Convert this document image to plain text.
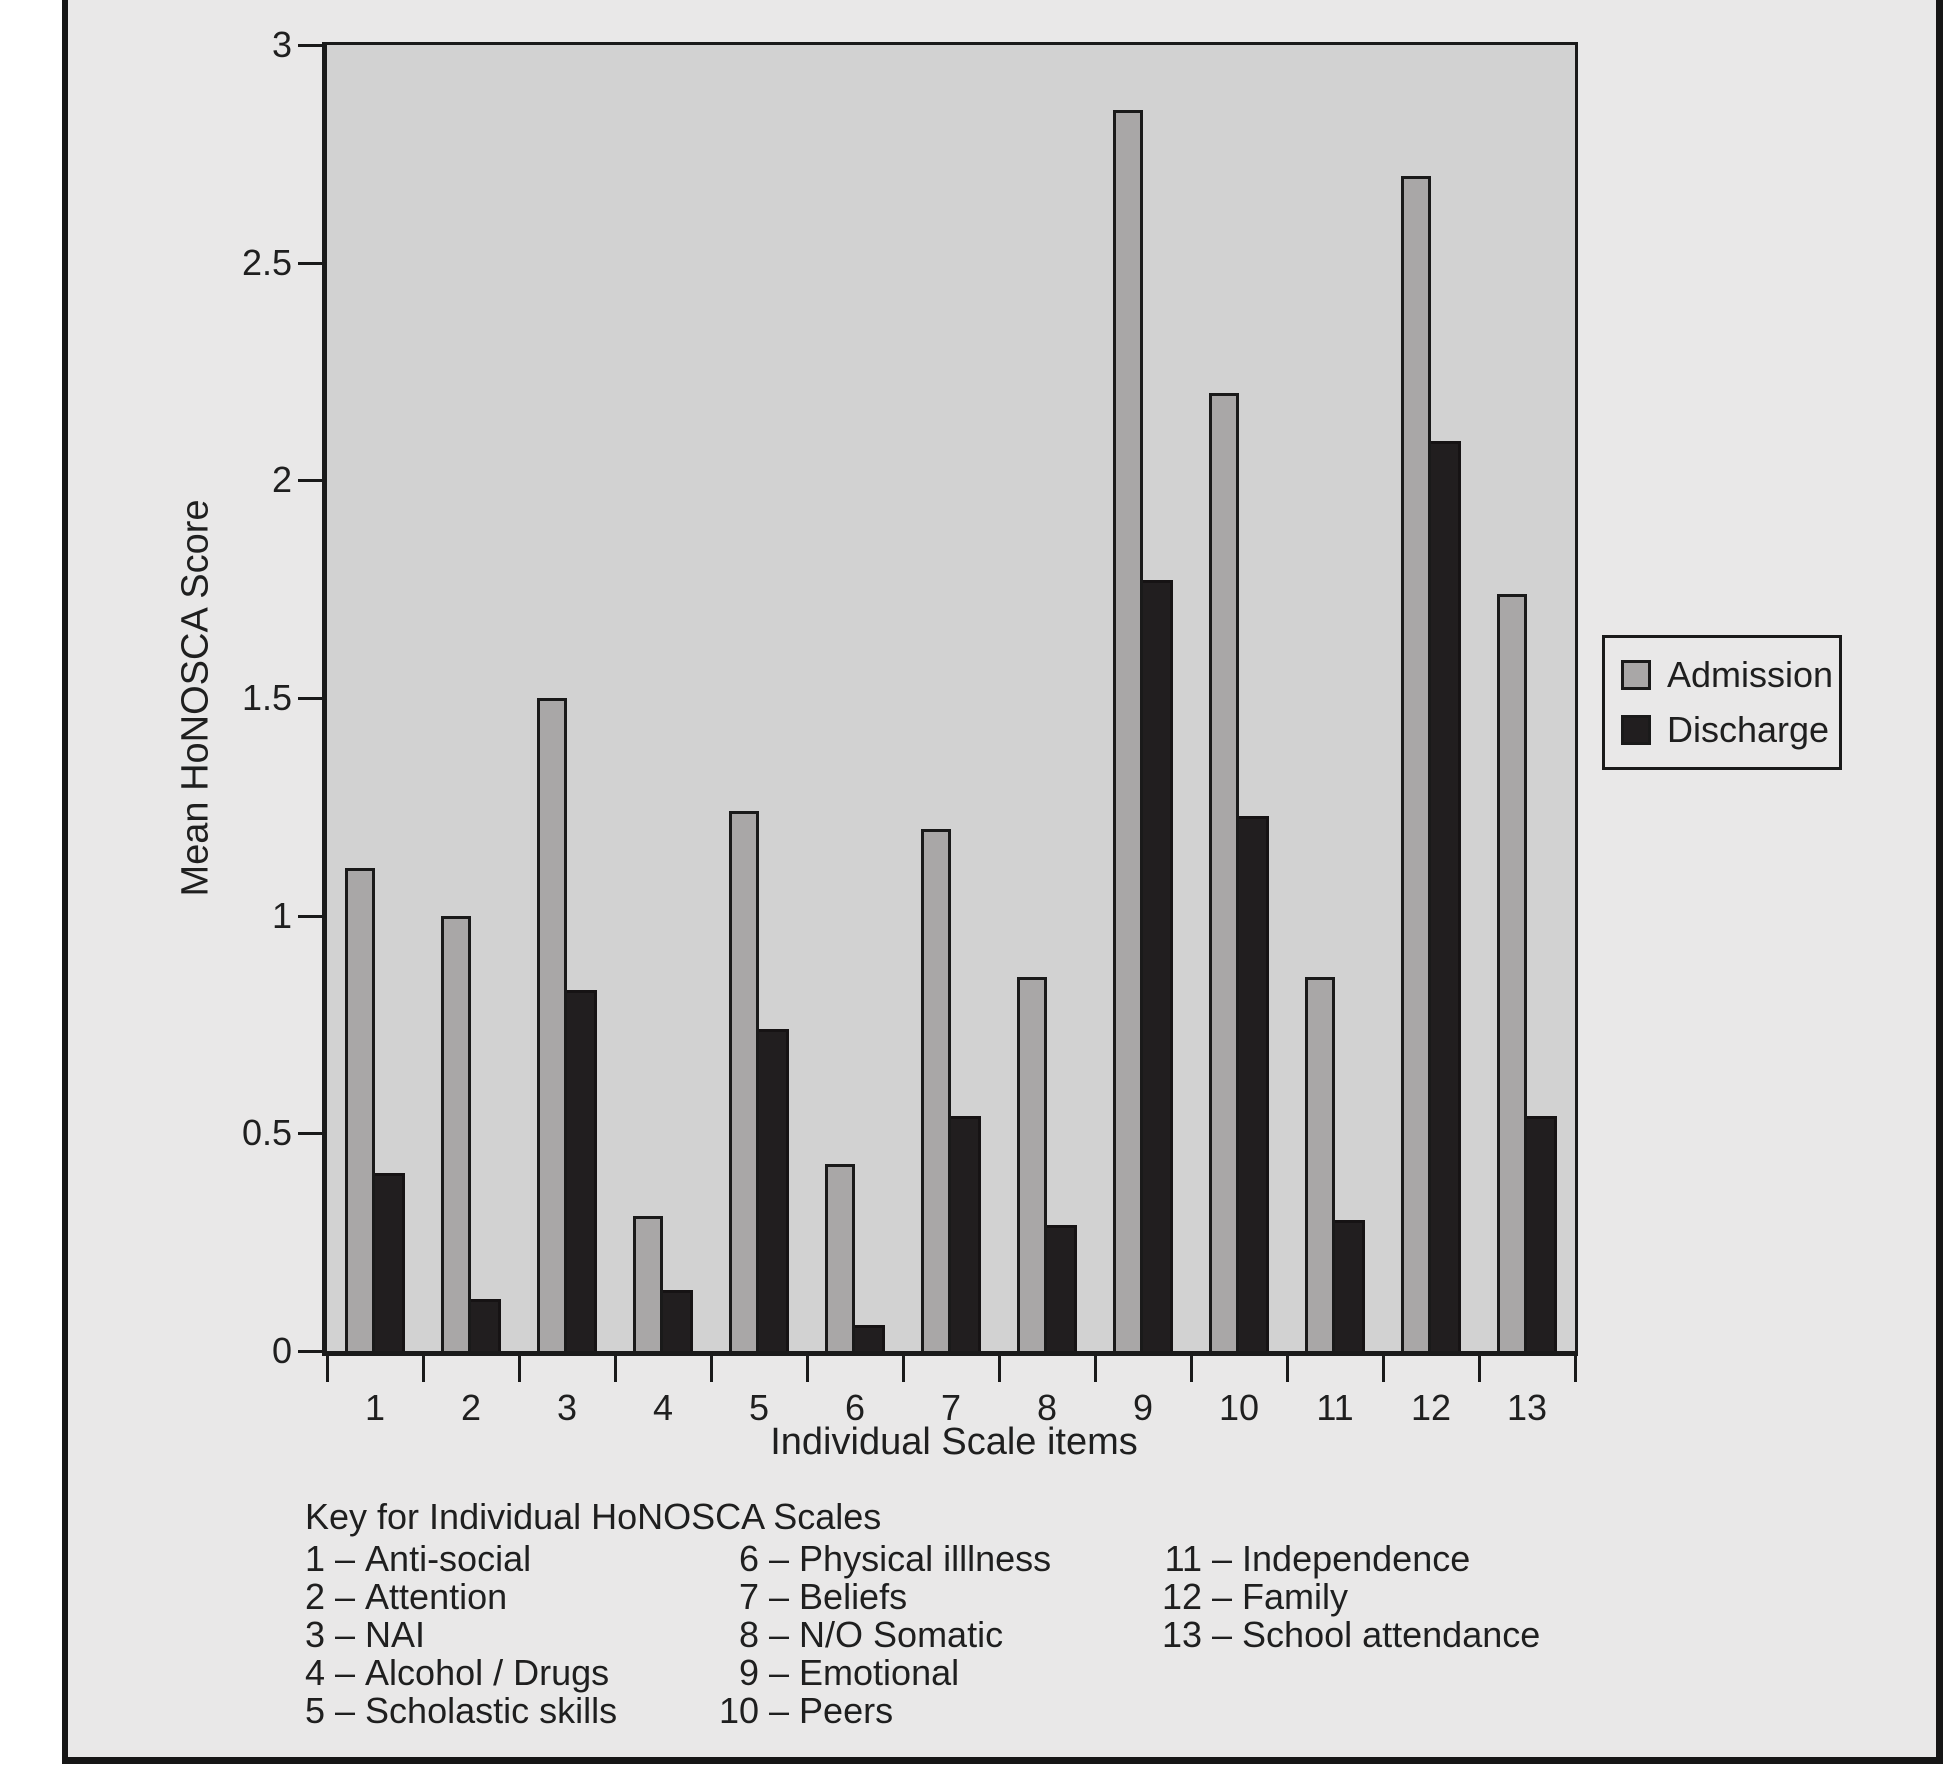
Mean HoNOSCA Score
3
2.5
2
1.5
1
0.5
0
1	2	3	4	5	6	7	8	9	10	11	12	13
Individual Scale items
Admission
Discharge
Key for Individual HoNOSCA Scales
1 – Anti-social
2 – Attention
3 – NAI
4 – Alcohol / Drugs
5 – Scholastic skills
6 – Physical illlness
7 – Beliefs
8 – N/O Somatic
9 – Emotional
10 – Peers
11 – Independence
12 – Family
13 – School attendance
